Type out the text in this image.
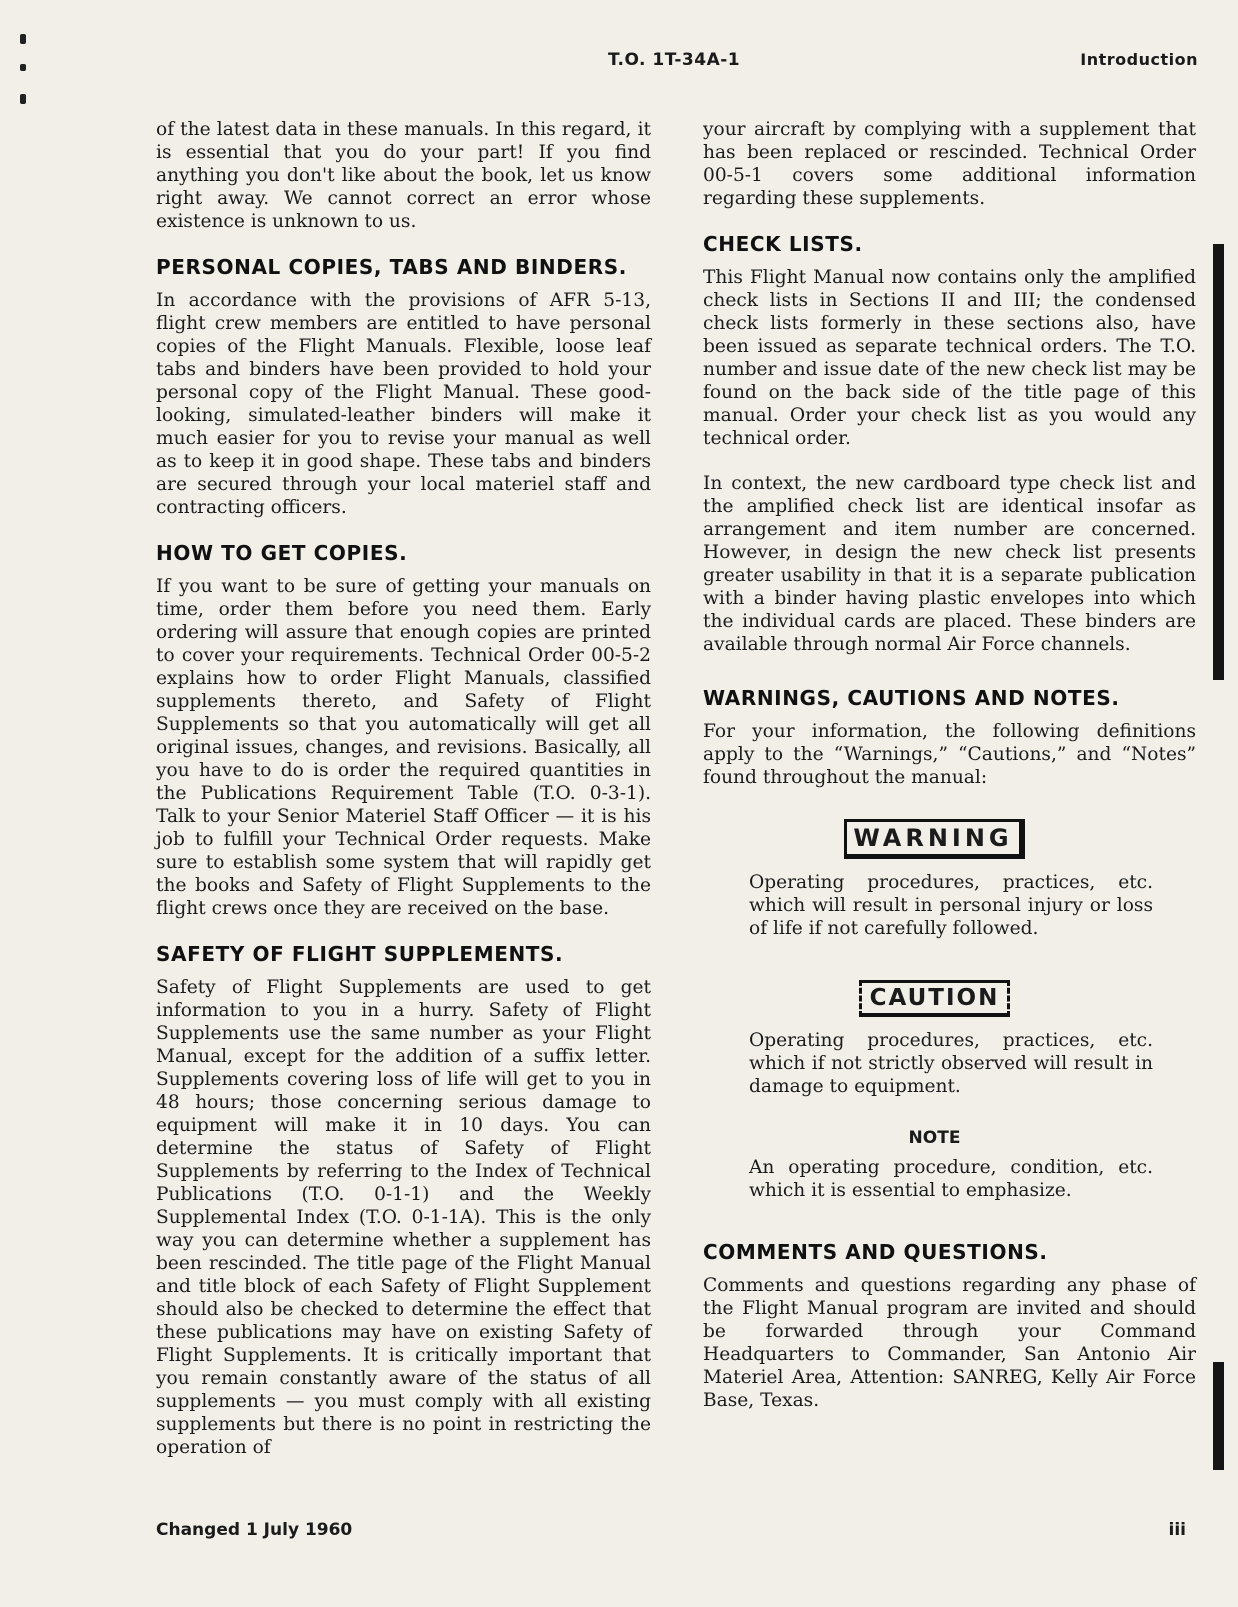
T.O. 1T-34A-1	Introduction

of the latest data in these manuals. In this regard, it is essential that you do your part! If you find anything you don't like about the book, let us know right away. We cannot correct an error whose existence is unknown to us.

PERSONAL COPIES, TABS AND BINDERS.

In accordance with the provisions of AFR 5-13, flight crew members are entitled to have personal copies of the Flight Manuals. Flexible, loose leaf tabs and binders have been provided to hold your personal copy of the Flight Manual. These good-looking, simulated-leather binders will make it much easier for you to revise your manual as well as to keep it in good shape. These tabs and binders are secured through your local materiel staff and contracting officers.

HOW TO GET COPIES.

If you want to be sure of getting your manuals on time, order them before you need them. Early ordering will assure that enough copies are printed to cover your requirements. Technical Order 00-5-2 explains how to order Flight Manuals, classified supplements thereto, and Safety of Flight Supplements so that you automatically will get all original issues, changes, and revisions. Basically, all you have to do is order the required quantities in the Publications Requirement Table (T.O. 0-3-1). Talk to your Senior Materiel Staff Officer — it is his job to fulfill your Technical Order requests. Make sure to establish some system that will rapidly get the books and Safety of Flight Supplements to the flight crews once they are received on the base.

SAFETY OF FLIGHT SUPPLEMENTS.

Safety of Flight Supplements are used to get information to you in a hurry. Safety of Flight Supplements use the same number as your Flight Manual, except for the addition of a suffix letter. Supplements covering loss of life will get to you in 48 hours; those concerning serious damage to equipment will make it in 10 days. You can determine the status of Safety of Flight Supplements by referring to the Index of Technical Publications (T.O. 0-1-1) and the Weekly Supplemental Index (T.O. 0-1-1A). This is the only way you can determine whether a supplement has been rescinded. The title page of the Flight Manual and title block of each Safety of Flight Supplement should also be checked to determine the effect that these publications may have on existing Safety of Flight Supplements. It is critically important that you remain constantly aware of the status of all supplements — you must comply with all existing supplements but there is no point in restricting the operation of

your aircraft by complying with a supplement that has been replaced or rescinded. Technical Order 00-5-1 covers some additional information regarding these supplements.

CHECK LISTS.

This Flight Manual now contains only the amplified check lists in Sections II and III; the condensed check lists formerly in these sections also, have been issued as separate technical orders. The T.O. number and issue date of the new check list may be found on the back side of the title page of this manual. Order your check list as you would any technical order.

In context, the new cardboard type check list and the amplified check list are identical insofar as arrangement and item number are concerned. However, in design the new check list presents greater usability in that it is a separate publication with a binder having plastic envelopes into which the individual cards are placed. These binders are available through normal Air Force channels.

WARNINGS, CAUTIONS AND NOTES.

For your information, the following definitions apply to the “Warnings,” “Cautions,” and “Notes” found throughout the manual:

WARNING

Operating procedures, practices, etc. which will result in personal injury or loss of life if not carefully followed.

CAUTION

Operating procedures, practices, etc. which if not strictly observed will result in damage to equipment.

NOTE

An operating procedure, condition, etc. which it is essential to emphasize.

COMMENTS AND QUESTIONS.

Comments and questions regarding any phase of the Flight Manual program are invited and should be forwarded through your Command Headquarters to Commander, San Antonio Air Materiel Area, Attention: SANREG, Kelly Air Force Base, Texas.

Changed 1 July 1960	iii
